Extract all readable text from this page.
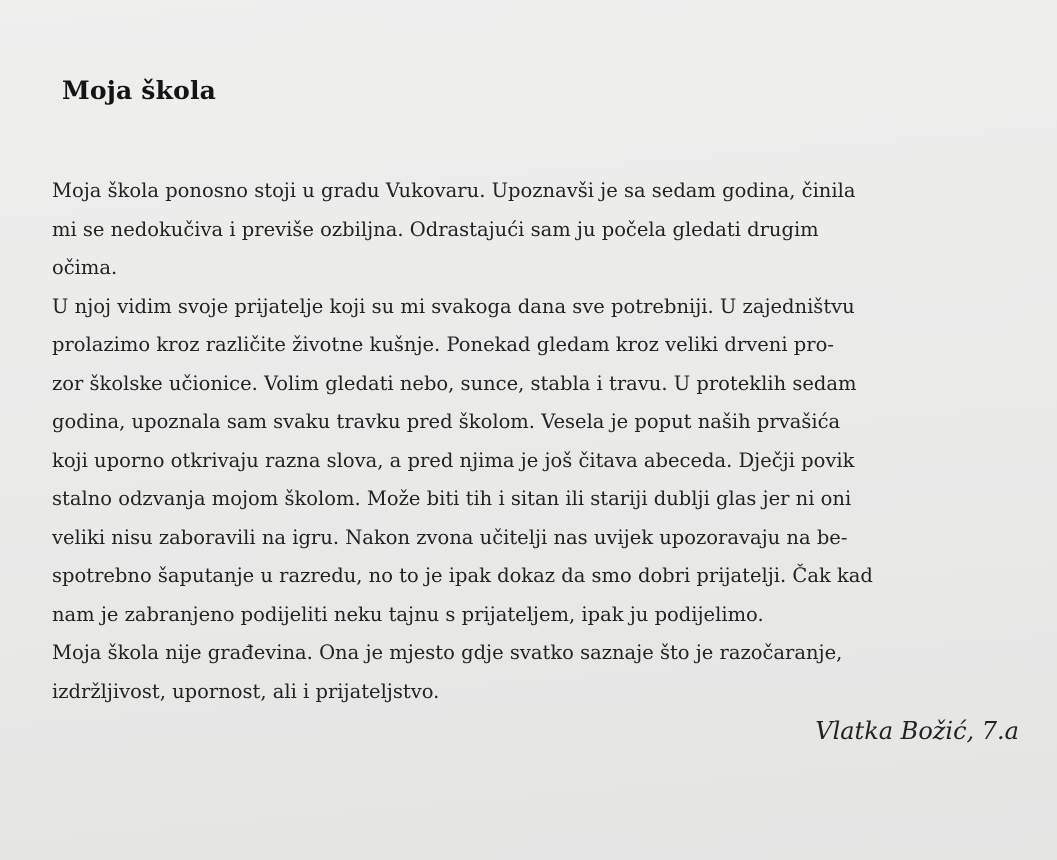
Moja škola
Moja škola ponosno stoji u gradu Vukovaru. Upoznavši je sa sedam godina, činila
mi se nedokučiva i previše ozbiljna. Odrastajući sam ju počela gledati drugim
očima.
U njoj vidim svoje prijatelje koji su mi svakoga dana sve potrebniji. U zajedništvu
prolazimo kroz različite životne kušnje. Ponekad gledam kroz veliki drveni pro-
zor školske učionice. Volim gledati nebo, sunce, stabla i travu. U proteklih sedam
godina, upoznala sam svaku travku pred školom. Vesela je poput naših prvašića
koji uporno otkrivaju razna slova, a pred njima je još čitava abeceda. Dječji povik
stalno odzvanja mojom školom. Može biti tih i sitan ili stariji dublji glas jer ni oni
veliki nisu zaboravili na igru. Nakon zvona učitelji nas uvijek upozoravaju na be-
spotrebno šaputanje u razredu, no to je ipak dokaz da smo dobri prijatelji. Čak kad
nam je zabranjeno podijeliti neku tajnu s prijateljem, ipak ju podijelimo.
Moja škola nije građevina. Ona je mjesto gdje svatko saznaje što je razočaranje,
izdržljivost, upornost, ali i prijateljstvo.

Vlatka Božić, 7.a
